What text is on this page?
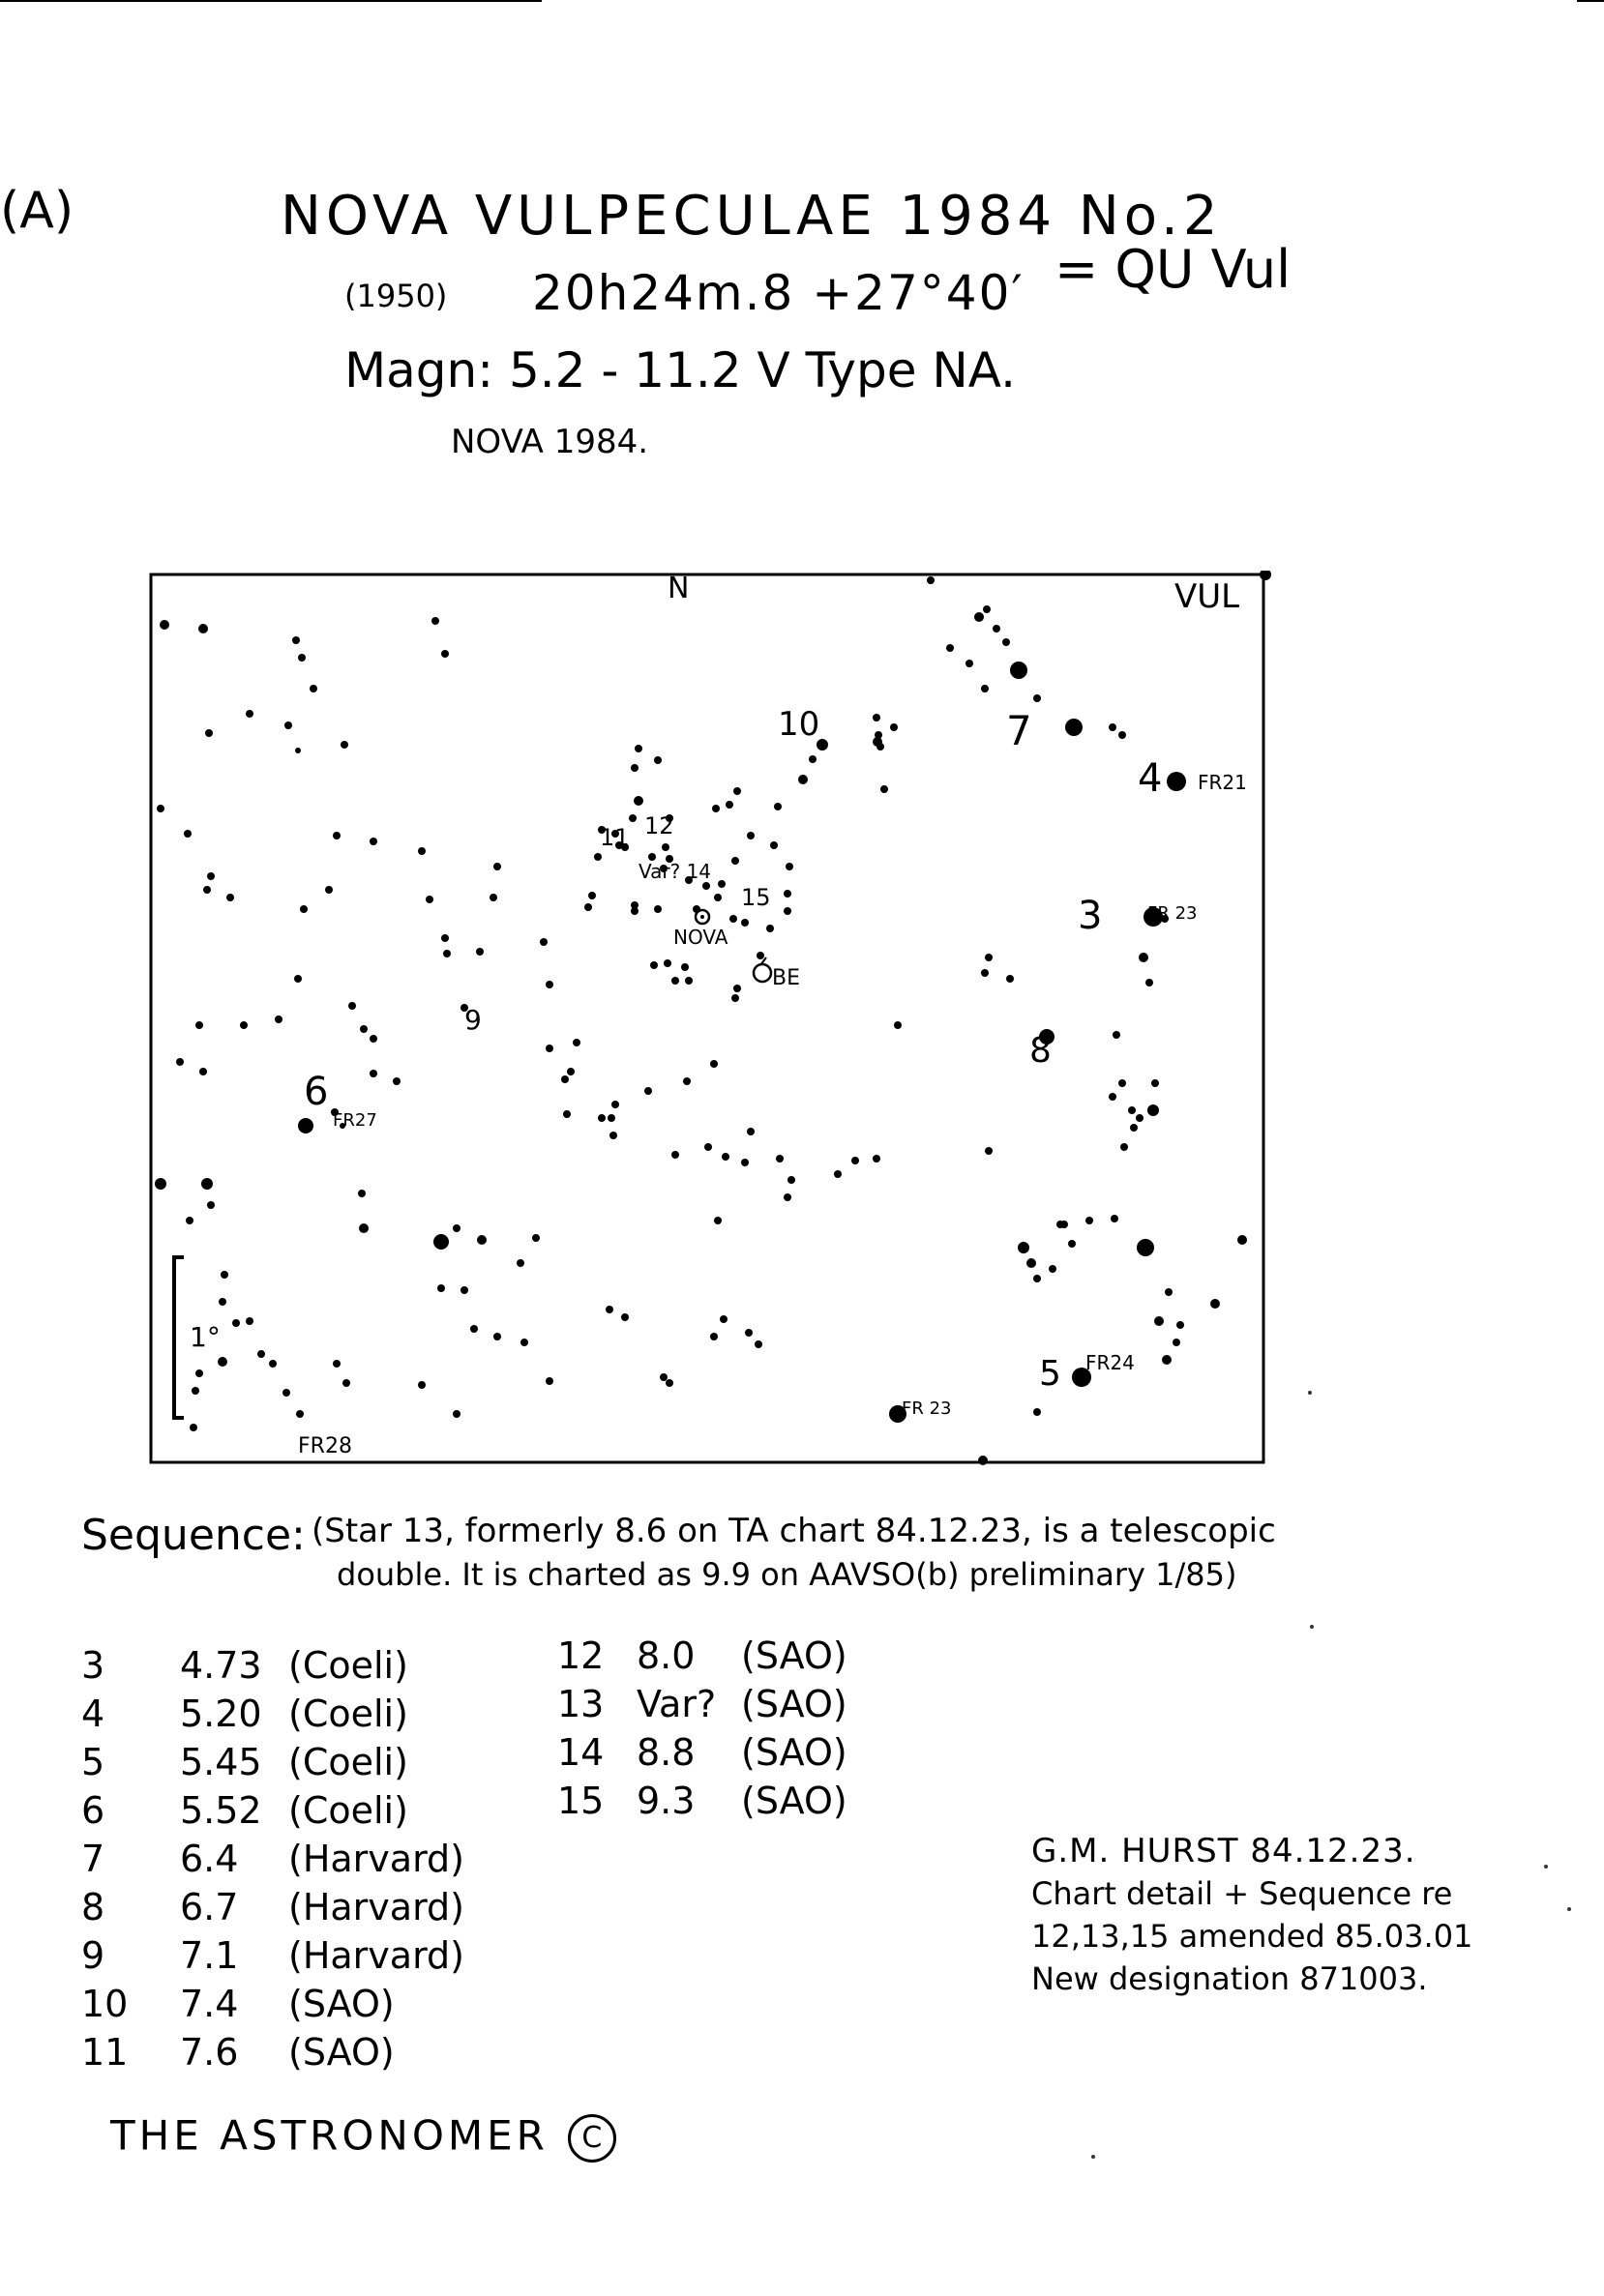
(A)	NOVA VULPECULAE 1984 No.2
(1950) 20h24m.8 +27°40′ = QU Vul
Magn: 5.2 - 11.2 V Type NA.
NOVA 1984.
N	VUL
1°
10	7
4 FR21
11 12
Var? 14
15
NOVA
BE
3	FR 23
9
8
6
FR27
5 FR24
FR 23
FR28
Sequence: (Star 13, formerly 8.6 on TA chart 84.12.23, is a telescopic
double. It is charted as 9.9 on AAVSO(b) preliminary 1/85)
3	4.73 (Coeli)
4	5.20 (Coeli)
5	5.45 (Coeli)
6	5.52 (Coeli)
7	6.4	(Harvard)
8	6.7	(Harvard)
9	7.1	(Harvard)
10	7.4	(SAO)
11	7.6	(SAO)
12 8.0	(SAO)
13 Var? (SAO)
14 8.8	(SAO)
15 9.3	(SAO)
G.M. HURST 84.12.23.
Chart detail + Sequence re
12,13,15 amended 85.03.01
New designation 871003.
THE ASTRONOMER C
